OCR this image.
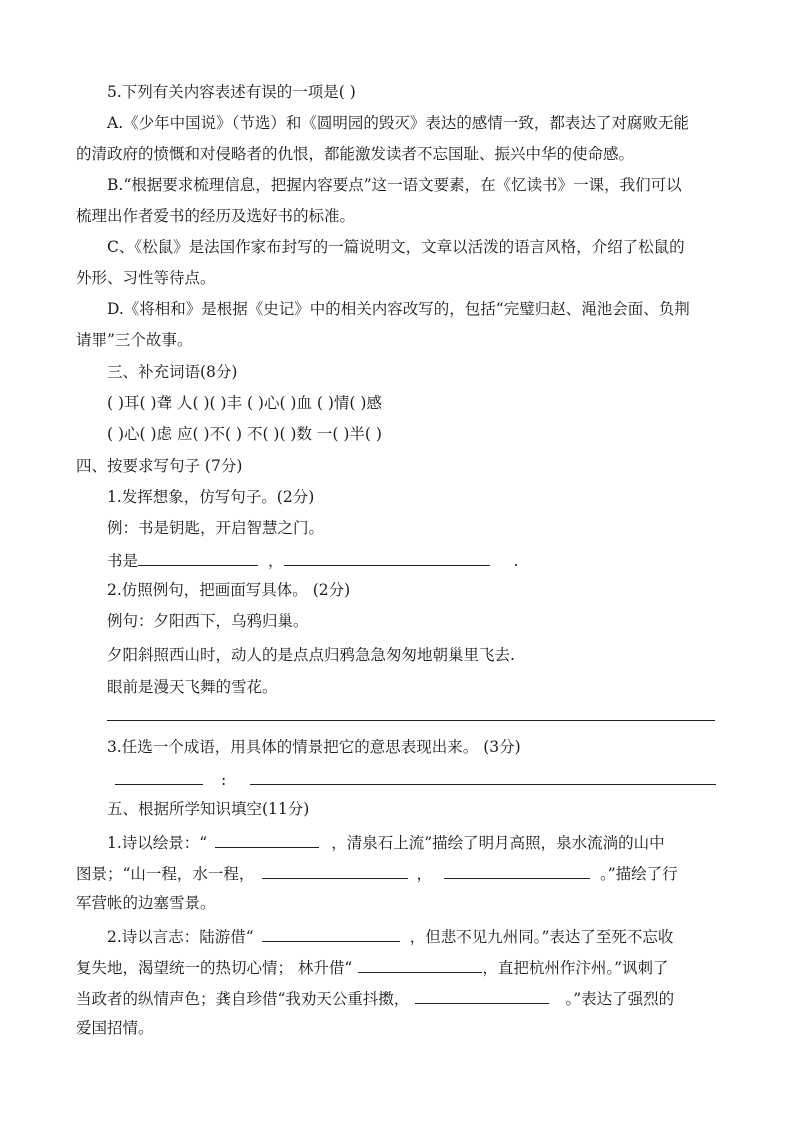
5.下列有关内容表述有误的一项是( )
A.《少年中国说》（节选）和《圆明园的毁灭》表达的感情一致，都表达了对腐败无能
的清政府的愤慨和对侵略者的仇恨，都能激发读者不忘国耻、振兴中华的使命感。
B.“根据要求梳理信息，把握内容要点”这一语文要素，在《忆读书》一课，我们可以
梳理出作者爱书的经历及选好书的标准。
C、《松鼠》是法国作家布封写的一篇说明文，文章以活泼的语言风格，介绍了松鼠的
外形、习性等待点。
D.《将相和》是根据《史记》中的相关内容改写的，包括“完璧归赵、渑池会面、负荆
请罪”三个故事。
三、补充词语(8分)
( )耳( )聋 人( )( )丰 ( )心( )血 ( )情( )感
( )心( )虑 应( )不( ) 不( )( )数 一( )半( )
四、按要求写句子 (7分)
1.发挥想象，仿写句子。(2分)
例：书是钥匙，开启智慧之门。
书是	，	.
2.仿照例句，把画面写具体。 (2分)
例句：夕阳西下，乌鸦归巢。
夕阳斜照西山时，动人的是点点归鸦急急匆匆地朝巢里飞去.
眼前是漫天飞舞的雪花。
3.任选一个成语，用具体的情景把它的意思表现出来。 (3分)
:
五、根据所学知识填空(11分)
1.诗以绘景：“	，清泉石上流”描绘了明月高照，泉水流淌的山中
图景；“山一程，水一程，	，	。”描绘了行
军营帐的边塞雪景。
2.诗以言志：陆游借“	，但悲不见九州同。”表达了至死不忘收
复失地，渴望统一的热切心情； 林升借“	，直把杭州作汴州。”讽刺了
当政者的纵情声色；龚自珍借“我劝天公重抖擞，	。”表达了强烈的
爱国招情。
